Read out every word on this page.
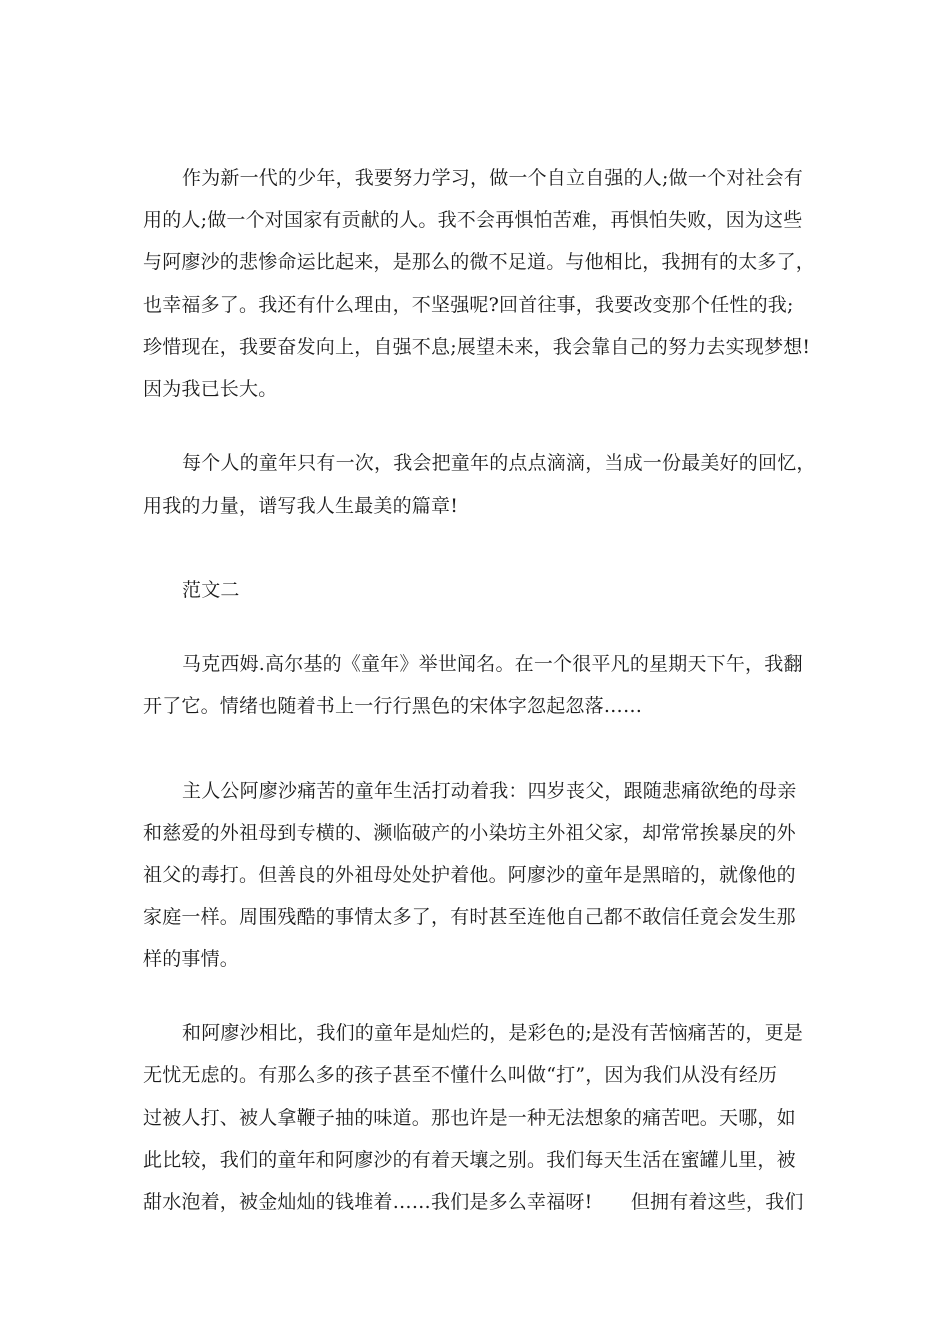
作为新一代的少年，我要努力学习，做一个自立自强的人;做一个对社会有
用的人;做一个对国家有贡献的人。我不会再惧怕苦难，再惧怕失败，因为这些
与阿廖沙的悲惨命运比起来，是那么的微不足道。与他相比，我拥有的太多了，
也幸福多了。我还有什么理由，不坚强呢?回首往事，我要改变那个任性的我;
珍惜现在，我要奋发向上，自强不息;展望未来，我会靠自己的努力去实现梦想!
因为我已长大。
每个人的童年只有一次，我会把童年的点点滴滴，当成一份最美好的回忆，
用我的力量，谱写我人生最美的篇章!
范文二
马克西姆.高尔基的《童年》举世闻名。在一个很平凡的星期天下午，我翻
开了它。情绪也随着书上一行行黑色的宋体字忽起忽落……
主人公阿廖沙痛苦的童年生活打动着我：四岁丧父，跟随悲痛欲绝的母亲
和慈爱的外祖母到专横的、濒临破产的小染坊主外祖父家，却常常挨暴戾的外
祖父的毒打。但善良的外祖母处处护着他。阿廖沙的童年是黑暗的，就像他的
家庭一样。周围残酷的事情太多了，有时甚至连他自己都不敢信任竟会发生那
样的事情。
和阿廖沙相比，我们的童年是灿烂的，是彩色的;是没有苦恼痛苦的，更是
无忧无虑的。有那么多的孩子甚至不懂什么叫做“打”，因为我们从没有经历
过被人打、被人拿鞭子抽的味道。那也许是一种无法想象的痛苦吧。天哪，如
此比较，我们的童年和阿廖沙的有着天壤之别。我们每天生活在蜜罐儿里，被
甜水泡着，被金灿灿的钱堆着……我们是多么幸福呀!　　但拥有着这些，我们
